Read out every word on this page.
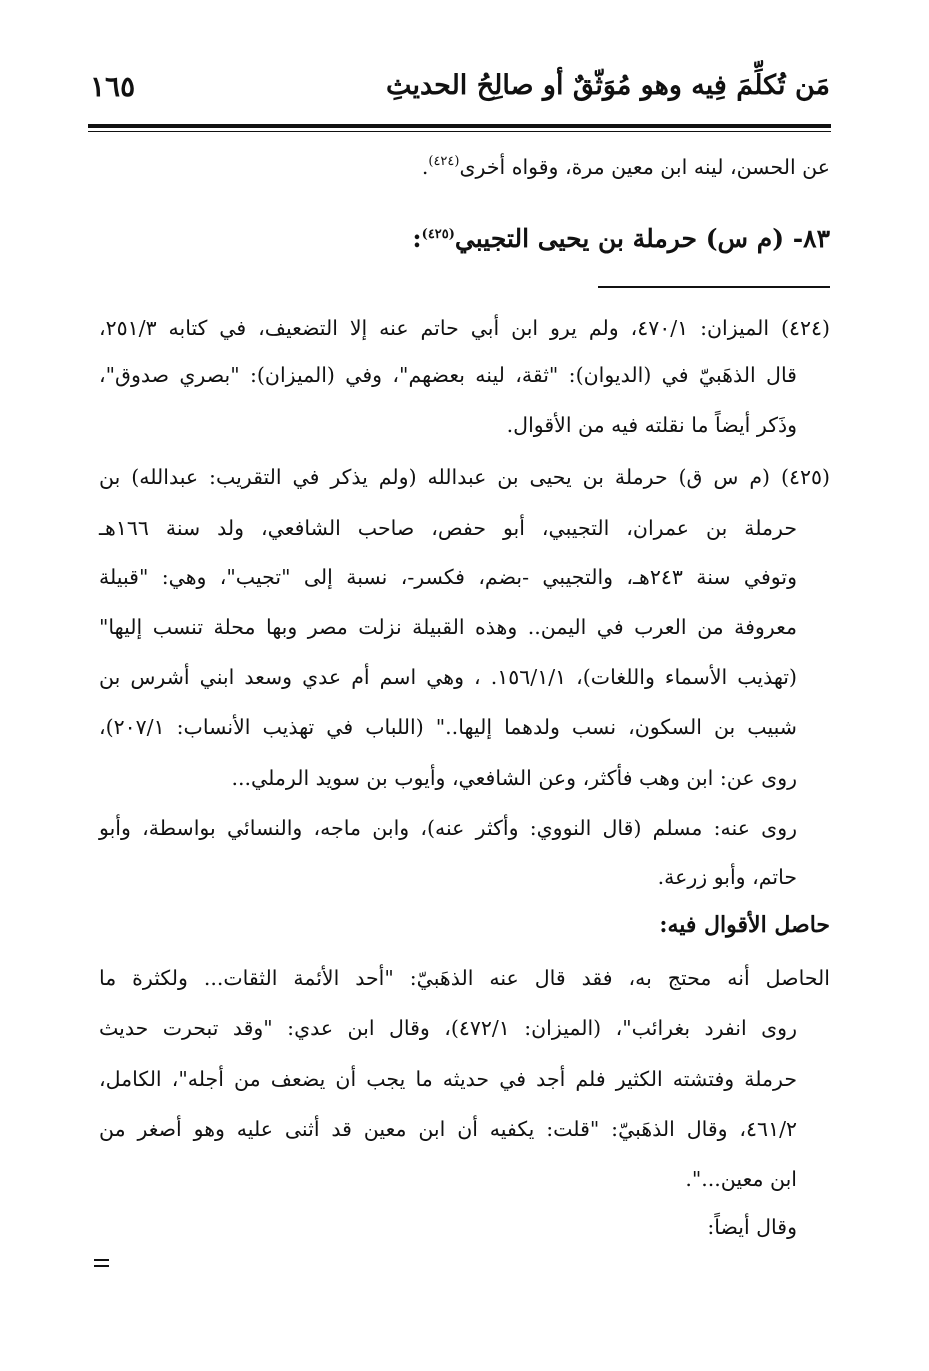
مَن تُكلِّمَ فِيه وهو مُوَثّقٌ أو صالِحُ الحديثِ
١٦٥
عن الحسن، لينه ابن معين مرة، وقواه أخرى$^{(٤٢٤)}$.
٨٣- (م س) حرملة بن يحيى التجيبي$^{(٤٢٥)}$:
(٤٢٤) الميزان: ٤٧٠/١، ولم يرو ابن أبي حاتم عنه إلا التضعيف، في كتابه ٢٥١/٣،
قال الذهَبيّ في (الديوان): "ثقة، لينه بعضهم"، وفي (الميزان): "بصري صدوق"،
وذَكر أيضاً ما نقلته فيه من الأقوال.
(٤٢٥) (م س ق) حرملة بن يحيى بن عبدالله (ولم يذكر في التقريب: عبدالله) بن
حرملة بن عمران، التجيبي، أبو حفص، صاحب الشافعي، ولد سنة ١٦٦هـ
وتوفي سنة ٢٤٣هـ، والتجيبي -بضم، فكسر-، نسبة إلى "تجيب"، وهي: "قبيلة
معروفة من العرب في اليمن.. وهذه القبيلة نزلت مصر وبها محلة تنسب إليها"
(تهذيب الأسماء واللغات)، ١٥٦/١/١. ، وهي اسم أم عدي وسعد ابني أشرس بن
شبيب بن السكون، نسب ولدهما إليها.." (اللباب في تهذيب الأنساب: ٢٠٧/١)،
روى عن: ابن وهب فأكثر، وعن الشافعي، وأيوب بن سويد الرملي...
روى عنه: مسلم (قال النووي: وأكثر عنه)، وابن ماجه، والنسائي بواسطة، وأبو
حاتم، وأبو زرعة.
حاصل الأقوال فيه:
الحاصل أنه محتج به، فقد قال عنه الذهَبيّ: "أحد الأئمة الثقات... ولكثرة ما
روى انفرد بغرائب"، (الميزان: ٤٧٢/١)، وقال ابن عدي: "وقد تبحرت حديث
حرملة وفتشته الكثير فلم أجد في حديثه ما يجب أن يضعف من أجله"، الكامل،
٤٦١/٢، وقال الذهَبيّ: "قلت: يكفيه أن ابن معين قد أثنى عليه وهو أصغر من
ابن معين...".
وقال أيضاً:
